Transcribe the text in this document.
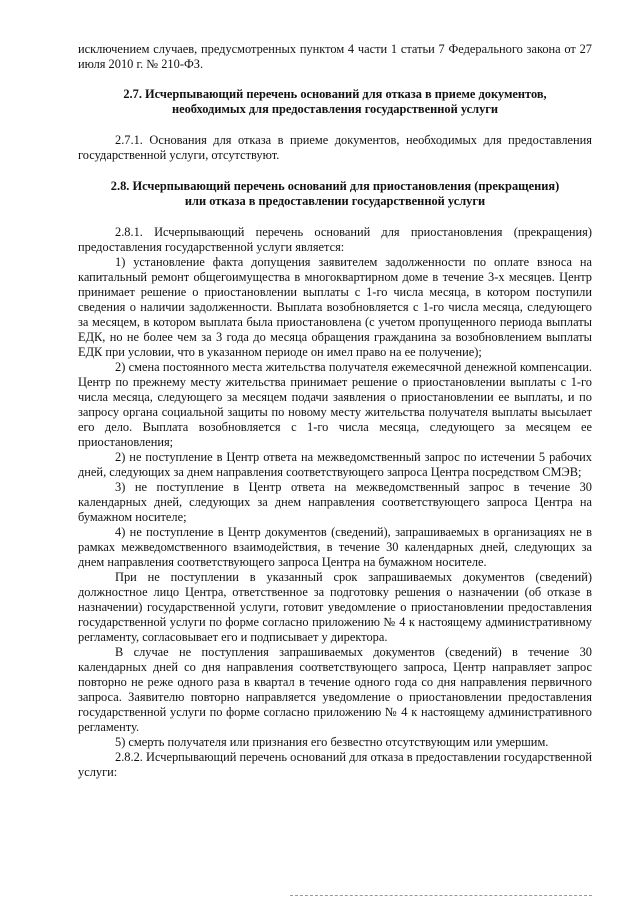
исключением случаев, предусмотренных пунктом 4 части 1 статьи 7 Федерального закона от 27 июля 2010 г. № 210-ФЗ.

2.7. Исчерпывающий перечень оснований для отказа в приеме документов, необходимых для предоставления государственной услуги

2.7.1. Основания для отказа в приеме документов, необходимых для предоставления государственной услуги, отсутствуют.

2.8. Исчерпывающий перечень оснований для приостановления (прекращения) или отказа в предоставлении государственной услуги

2.8.1. Исчерпывающий перечень оснований для приостановления (прекращения) предоставления государственной услуги является:

1) установление факта допущения заявителем задолженности по оплате взноса на капитальный ремонт общегоимущества в многоквартирном доме в течение 3-х месяцев. Центр принимает решение о приостановлении выплаты с 1-го числа месяца, в котором поступили сведения о наличии задолженности. Выплата возобновляется с 1-го числа месяца, следующего за месяцем, в котором выплата была приостановлена (с учетом пропущенного периода выплаты ЕДК, но не более чем за 3 года до месяца обращения гражданина за возобновлением выплаты ЕДК при условии, что в указанном периоде он имел право на ее получение);

2) смена постоянного места жительства получателя ежемесячной денежной компенсации. Центр по прежнему месту жительства принимает решение о приостановлении выплаты с 1-го числа месяца, следующего за месяцем подачи заявления о приостановлении ее выплаты, и по запросу органа социальной защиты по новому месту жительства получателя выплаты высылает его дело. Выплата возобновляется с 1-го числа месяца, следующего за месяцем ее приостановления;

2) не поступление в Центр ответа на межведомственный запрос по истечении 5 рабочих дней, следующих за днем направления соответствующего запроса Центра посредством СМЭВ;

3) не поступление в Центр ответа на межведомственный запрос в течение 30 календарных дней, следующих за днем направления соответствующего запроса Центра на бумажном носителе;

4) не поступление в Центр документов (сведений), запрашиваемых в организациях не в рамках межведомственного взаимодействия, в течение 30 календарных дней, следующих за днем направления соответствующего запроса Центра на бумажном носителе.

При не поступлении в указанный срок запрашиваемых документов (сведений) должностное лицо Центра, ответственное за подготовку решения о назначении (об отказе в назначении) государственной услуги, готовит уведомление о приостановлении предоставления государственной услуги по форме согласно приложению № 4 к настоящему административному регламенту, согласовывает его и подписывает у директора.

В случае не поступления запрашиваемых документов (сведений) в течение 30 календарных дней со дня направления соответствующего запроса, Центр направляет запрос повторно не реже одного раза в квартал в течение одного года со дня направления первичного запроса. Заявителю повторно направляется уведомление о приостановлении предоставления государственной услуги по форме согласно приложению № 4 к настоящему административного регламенту.

5) смерть получателя или признания его безвестно отсутствующим или умершим.

2.8.2. Исчерпывающий перечень оснований для отказа в предоставлении государственной услуги:
